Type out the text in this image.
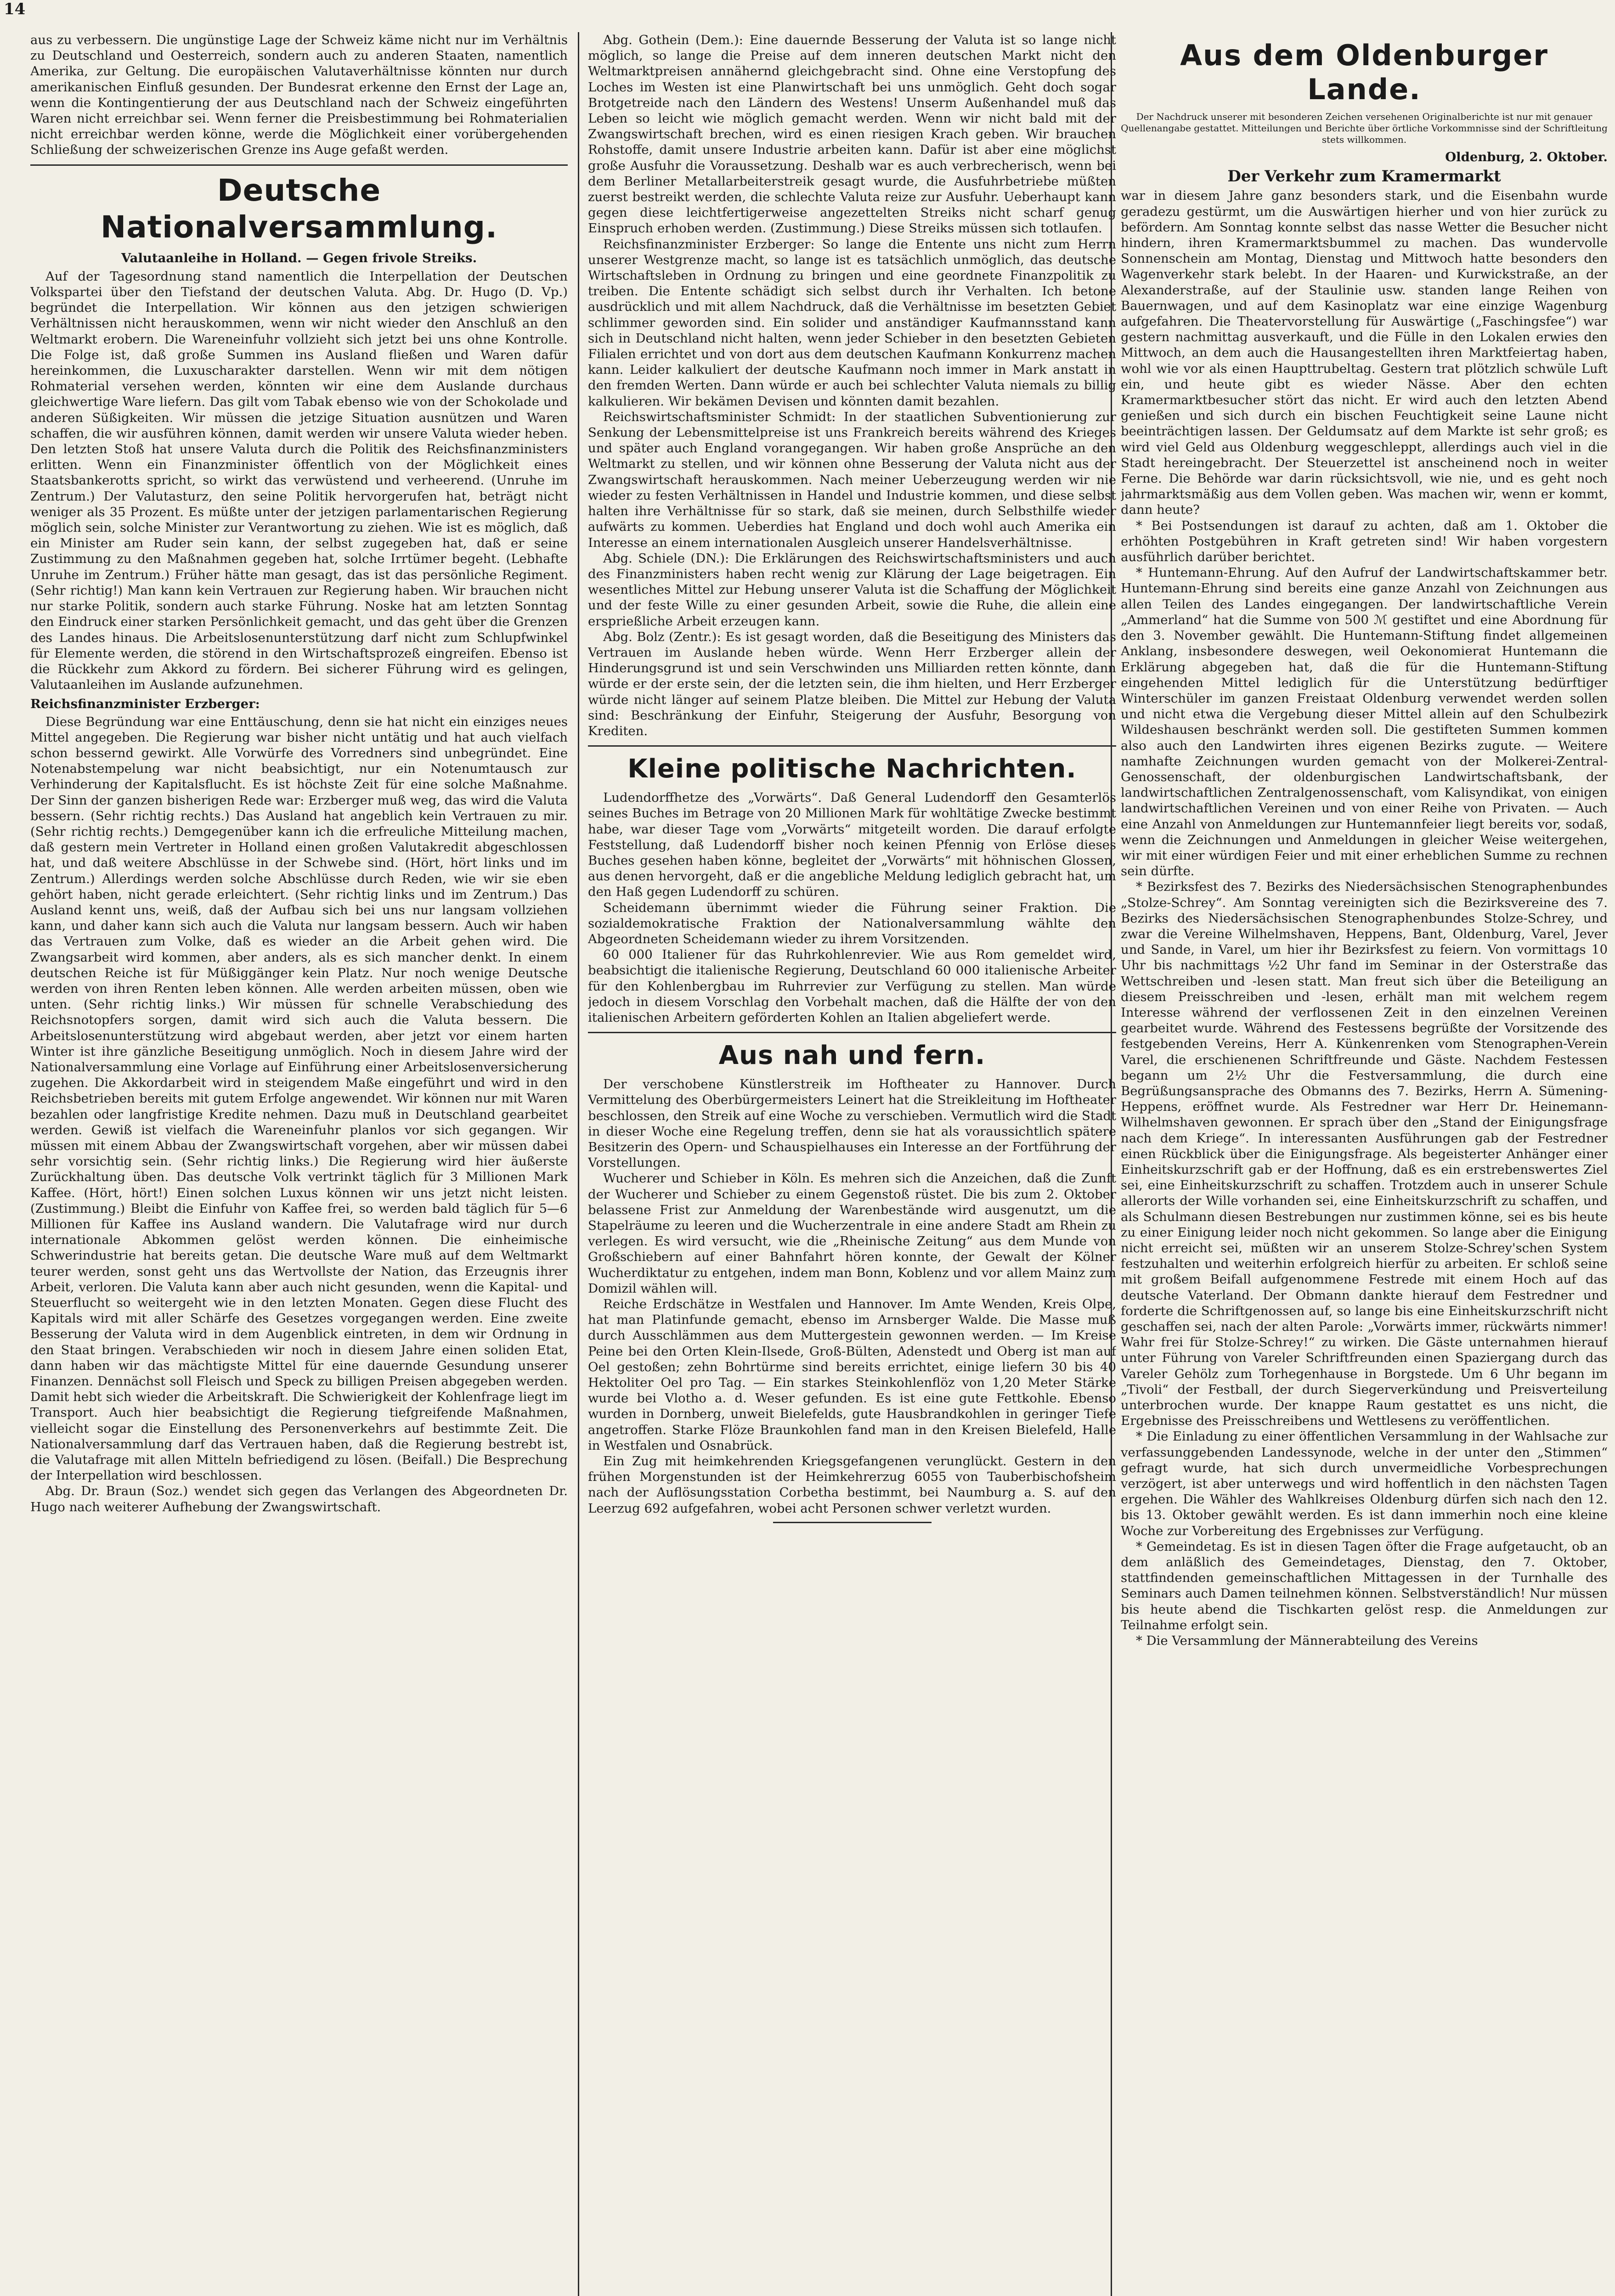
14

aus zu verbessern. Die ungünstige Lage der Schweiz käme nicht nur im Verhältnis zu Deutschland und Oesterreich, sondern auch zu anderen Staaten, namentlich Amerika, zur Geltung. Die europäischen Valutaverhältnisse könnten nur durch amerikanischen Einfluß gesunden. Der Bundesrat erkenne den Ernst der Lage an, wenn die Kontingentierung der aus Deutschland nach der Schweiz eingeführten Waren nicht erreichbar sei. Wenn ferner die Preisbestimmung bei Rohmaterialien nicht erreichbar werden könne, werde die Möglichkeit einer vorübergehenden Schließung der schweizerischen Grenze ins Auge gefaßt werden.

Deutsche Nationalversammlung.
Valutaanleihe in Holland. — Gegen frivole Streiks.

Auf der Tagesordnung stand namentlich die Interpellation der Deutschen Volkspartei über den Tiefstand der deutschen Valuta. Abg. Dr. Hugo (D. Vp.) begründet die Interpellation. Wir können aus den jetzigen schwierigen Verhältnissen nicht herauskommen, wenn wir nicht wieder den Anschluß an den Weltmarkt erobern. Die Wareneinfuhr vollzieht sich jetzt bei uns ohne Kontrolle. Die Folge ist, daß große Summen ins Ausland fließen und Waren dafür hereinkommen, die Luxuscharakter darstellen. Wenn wir mit dem nötigen Rohmaterial versehen werden, könnten wir eine dem Auslande durchaus gleichwertige Ware liefern. Das gilt vom Tabak ebenso wie von der Schokolade und anderen Süßigkeiten. Wir müssen die jetzige Situation ausnützen und Waren schaffen, die wir ausführen können, damit werden wir unsere Valuta wieder heben. Den letzten Stoß hat unsere Valuta durch die Politik des Reichsfinanzministers erlitten. Wenn ein Finanzminister öffentlich von der Möglichkeit eines Staatsbankerotts spricht, so wirkt das verwüstend und verheerend. (Unruhe im Zentrum.) Der Valutasturz, den seine Politik hervorgerufen hat, beträgt nicht weniger als 35 Prozent. Es müßte unter der jetzigen parlamentarischen Regierung möglich sein, solche Minister zur Verantwortung zu ziehen. Wie ist es möglich, daß ein Minister am Ruder sein kann, der selbst zugegeben hat, daß er seine Zustimmung zu den Maßnahmen gegeben hat, solche Irrtümer begeht. (Lebhafte Unruhe im Zentrum.) Früher hätte man gesagt, das ist das persönliche Regiment. (Sehr richtig!) Man kann kein Vertrauen zur Regierung haben. Wir brauchen nicht nur starke Politik, sondern auch starke Führung. Noske hat am letzten Sonntag den Eindruck einer starken Persönlichkeit gemacht, und das geht über die Grenzen des Landes hinaus. Die Arbeitslosenunterstützung darf nicht zum Schlupfwinkel für Elemente werden, die störend in den Wirtschaftsprozeß eingreifen. Ebenso ist die Rückkehr zum Akkord zu fördern. Bei sicherer Führung wird es gelingen, Valutaanleihen im Auslande aufzunehmen.

Reichsfinanzminister Erzberger:

Diese Begründung war eine Enttäuschung, denn sie hat nicht ein einziges neues Mittel angegeben. Die Regierung war bisher nicht untätig und hat auch vielfach schon bessernd gewirkt. Alle Vorwürfe des Vorredners sind unbegründet. Eine Notenabstempelung war nicht beabsichtigt, nur ein Notenumtausch zur Verhinderung der Kapitalsflucht. Es ist höchste Zeit für eine solche Maßnahme. Der Sinn der ganzen bisherigen Rede war: Erzberger muß weg, das wird die Valuta bessern. (Sehr richtig rechts.) Das Ausland hat angeblich kein Vertrauen zu mir. (Sehr richtig rechts.) Demgegenüber kann ich die erfreuliche Mitteilung machen, daß gestern mein Vertreter in Holland einen großen Valutakredit abgeschlossen hat, und daß weitere Abschlüsse in der Schwebe sind. (Hört, hört links und im Zentrum.) Allerdings werden solche Abschlüsse durch Reden, wie wir sie eben gehört haben, nicht gerade erleichtert. (Sehr richtig links und im Zentrum.) Das Ausland kennt uns, weiß, daß der Aufbau sich bei uns nur langsam vollziehen kann, und daher kann sich auch die Valuta nur langsam bessern. Auch wir haben das Vertrauen zum Volke, daß es wieder an die Arbeit gehen wird. Die Zwangsarbeit wird kommen, aber anders, als es sich mancher denkt. In einem deutschen Reiche ist für Müßiggänger kein Platz. Nur noch wenige Deutsche werden von ihren Renten leben können. Alle werden arbeiten müssen, oben wie unten. (Sehr richtig links.) Wir müssen für schnelle Verabschiedung des Reichsnotopfers sorgen, damit wird sich auch die Valuta bessern. Die Arbeitslosenunterstützung wird abgebaut werden, aber jetzt vor einem harten Winter ist ihre gänzliche Beseitigung unmöglich. Noch in diesem Jahre wird der Nationalversammlung eine Vorlage auf Einführung einer Arbeitslosenversicherung zugehen. Die Akkordarbeit wird in steigendem Maße eingeführt und wird in den Reichsbetrieben bereits mit gutem Erfolge angewendet. Wir können nur mit Waren bezahlen oder langfristige Kredite nehmen. Dazu muß in Deutschland gearbeitet werden. Gewiß ist vielfach die Wareneinfuhr planlos vor sich gegangen. Wir müssen mit einem Abbau der Zwangswirtschaft vorgehen, aber wir müssen dabei sehr vorsichtig sein. (Sehr richtig links.) Die Regierung wird hier äußerste Zurückhaltung üben. Das deutsche Volk vertrinkt täglich für 3 Millionen Mark Kaffee. (Hört, hört!) Einen solchen Luxus können wir uns jetzt nicht leisten. (Zustimmung.) Bleibt die Einfuhr von Kaffee frei, so werden bald täglich für 5—6 Millionen für Kaffee ins Ausland wandern. Die Valutafrage wird nur durch internationale Abkommen gelöst werden können. Die einheimische Schwerindustrie hat bereits getan. Die deutsche Ware muß auf dem Weltmarkt teurer werden, sonst geht uns das Wertvollste der Nation, das Erzeugnis ihrer Arbeit, verloren. Die Valuta kann aber auch nicht gesunden, wenn die Kapital- und Steuerflucht so weitergeht wie in den letzten Monaten. Gegen diese Flucht des Kapitals wird mit aller Schärfe des Gesetzes vorgegangen werden. Eine zweite Besserung der Valuta wird in dem Augenblick eintreten, in dem wir Ordnung in den Staat bringen. Verabschieden wir noch in diesem Jahre einen soliden Etat, dann haben wir das mächtigste Mittel für eine dauernde Gesundung unserer Finanzen. Dennächst soll Fleisch und Speck zu billigen Preisen abgegeben werden. Damit hebt sich wieder die Arbeitskraft. Die Schwierigkeit der Kohlenfrage liegt im Transport. Auch hier beabsichtigt die Regierung tiefgreifende Maßnahmen, vielleicht sogar die Einstellung des Personenverkehrs auf bestimmte Zeit. Die Nationalversammlung darf das Vertrauen haben, daß die Regierung bestrebt ist, die Valutafrage mit allen Mitteln befriedigend zu lösen. (Beifall.) Die Besprechung der Interpellation wird beschlossen.

Abg. Dr. Braun (Soz.) wendet sich gegen das Verlangen des Abgeordneten Dr. Hugo nach weiterer Aufhebung der Zwangswirtschaft.

Abg. Gothein (Dem.): Eine dauernde Besserung der Valuta ist so lange nicht möglich, so lange die Preise auf dem inneren deutschen Markt nicht den Weltmarktpreisen annähernd gleichgebracht sind. Ohne eine Verstopfung des Loches im Westen ist eine Planwirtschaft bei uns unmöglich. Geht doch sogar Brotgetreide nach den Ländern des Westens! Unserm Außenhandel muß das Leben so leicht wie möglich gemacht werden. Wenn wir nicht bald mit der Zwangswirtschaft brechen, wird es einen riesigen Krach geben. Wir brauchen Rohstoffe, damit unsere Industrie arbeiten kann. Dafür ist aber eine möglichst große Ausfuhr die Voraussetzung. Deshalb war es auch verbrecherisch, wenn bei dem Berliner Metallarbeiterstreik gesagt wurde, die Ausfuhrbetriebe müßten zuerst bestreikt werden, die schlechte Valuta reize zur Ausfuhr. Ueberhaupt kann gegen diese leichtfertigerweise angezettelten Streiks nicht scharf genug Einspruch erhoben werden. (Zustimmung.) Diese Streiks müssen sich totlaufen.

Reichsfinanzminister Erzberger: So lange die Entente uns nicht zum Herrn unserer Westgrenze macht, so lange ist es tatsächlich unmöglich, das deutsche Wirtschaftsleben in Ordnung zu bringen und eine geordnete Finanzpolitik zu treiben. Die Entente schädigt sich selbst durch ihr Verhalten. Ich betone ausdrücklich und mit allem Nachdruck, daß die Verhältnisse im besetzten Gebiet schlimmer geworden sind. Ein solider und anständiger Kaufmannsstand kann sich in Deutschland nicht halten, wenn jeder Schieber in den besetzten Gebieten Filialen errichtet und von dort aus dem deutschen Kaufmann Konkurrenz machen kann. Leider kalkuliert der deutsche Kaufmann noch immer in Mark anstatt in den fremden Werten. Dann würde er auch bei schlechter Valuta niemals zu billig kalkulieren. Wir bekämen Devisen und könnten damit bezahlen.

Reichswirtschaftsminister Schmidt: In der staatlichen Subventionierung zur Senkung der Lebensmittelpreise ist uns Frankreich bereits während des Krieges und später auch England vorangegangen. Wir haben große Ansprüche an den Weltmarkt zu stellen, und wir können ohne Besserung der Valuta nicht aus der Zwangswirtschaft herauskommen. Nach meiner Ueberzeugung werden wir nie wieder zu festen Verhältnissen in Handel und Industrie kommen, und diese selbst halten ihre Verhältnisse für so stark, daß sie meinen, durch Selbsthilfe wieder aufwärts zu kommen. Ueberdies hat England und doch wohl auch Amerika ein Interesse an einem internationalen Ausgleich unserer Handelsverhältnisse.

Abg. Schiele (DN.): Die Erklärungen des Reichswirtschaftsministers und auch des Finanzministers haben recht wenig zur Klärung der Lage beigetragen. Ein wesentliches Mittel zur Hebung unserer Valuta ist die Schaffung der Möglichkeit und der feste Wille zu einer gesunden Arbeit, sowie die Ruhe, die allein eine ersprießliche Arbeit erzeugen kann.

Abg. Bolz (Zentr.): Es ist gesagt worden, daß die Beseitigung des Ministers das Vertrauen im Auslande heben würde. Wenn Herr Erzberger allein der Hinderungsgrund ist und sein Verschwinden uns Milliarden retten könnte, dann würde er der erste sein, der die letzten sein, die ihm hielten, und Herr Erzberger würde nicht länger auf seinem Platze bleiben. Die Mittel zur Hebung der Valuta sind: Beschränkung der Einfuhr, Steigerung der Ausfuhr, Besorgung von Krediten.

Kleine politische Nachrichten.

Ludendorffhetze des „Vorwärts“. Daß General Ludendorff den Gesamterlös seines Buches im Betrage von 20 Millionen Mark für wohltätige Zwecke bestimmt habe, war dieser Tage vom „Vorwärts“ mitgeteilt worden. Die darauf erfolgte Feststellung, daß Ludendorff bisher noch keinen Pfennig von Erlöse dieses Buches gesehen haben könne, begleitet der „Vorwärts“ mit höhnischen Glossen, aus denen hervorgeht, daß er die angebliche Meldung lediglich gebracht hat, um den Haß gegen Ludendorff zu schüren.

Scheidemann übernimmt wieder die Führung seiner Fraktion. Die sozialdemokratische Fraktion der Nationalversammlung wählte den Abgeordneten Scheidemann wieder zu ihrem Vorsitzenden.

60 000 Italiener für das Ruhrkohlenrevier. Wie aus Rom gemeldet wird, beabsichtigt die italienische Regierung, Deutschland 60 000 italienische Arbeiter für den Kohlenbergbau im Ruhrrevier zur Verfügung zu stellen. Man würde jedoch in diesem Vorschlag den Vorbehalt machen, daß die Hälfte der von den italienischen Arbeitern geförderten Kohlen an Italien abgeliefert werde.

Aus nah und fern.

Der verschobene Künstlerstreik im Hoftheater zu Hannover. Durch Vermittelung des Oberbürgermeisters Leinert hat die Streikleitung im Hoftheater beschlossen, den Streik auf eine Woche zu verschieben. Vermutlich wird die Stadt in dieser Woche eine Regelung treffen, denn sie hat als voraussichtlich spätere Besitzerin des Opern- und Schauspielhauses ein Interesse an der Fortführung der Vorstellungen.

Wucherer und Schieber in Köln. Es mehren sich die Anzeichen, daß die Zunft der Wucherer und Schieber zu einem Gegenstoß rüstet. Die bis zum 2. Oktober belassene Frist zur Anmeldung der Warenbestände wird ausgenutzt, um die Stapelräume zu leeren und die Wucherzentrale in eine andere Stadt am Rhein zu verlegen. Es wird versucht, wie die „Rheinische Zeitung“ aus dem Munde von Großschiebern auf einer Bahnfahrt hören konnte, der Gewalt der Kölner Wucherdiktatur zu entgehen, indem man Bonn, Koblenz und vor allem Mainz zum Domizil wählen will.

Reiche Erdschätze in Westfalen und Hannover. Im Amte Wenden, Kreis Olpe, hat man Platinfunde gemacht, ebenso im Arnsberger Walde. Die Masse muß durch Ausschlämmen aus dem Muttergestein gewonnen werden. — Im Kreise Peine bei den Orten Klein-Ilsede, Groß-Bülten, Adenstedt und Oberg ist man auf Oel gestoßen; zehn Bohrtürme sind bereits errichtet, einige liefern 30 bis 40 Hektoliter Oel pro Tag. — Ein starkes Steinkohlenflöz von 1,20 Meter Stärke wurde bei Vlotho a. d. Weser gefunden. Es ist eine gute Fettkohle. Ebenso wurden in Dornberg, unweit Bielefelds, gute Hausbrandkohlen in geringer Tiefe angetroffen. Starke Flöze Braunkohlen fand man in den Kreisen Bielefeld, Halle in Westfalen und Osnabrück.

Ein Zug mit heimkehrenden Kriegsgefangenen verunglückt. Gestern in den frühen Morgenstunden ist der Heimkehrerzug 6055 von Tauberbischofsheim nach der Auflösungsstation Corbetha bestimmt, bei Naumburg a. S. auf den Leerzug 692 aufgefahren, wobei acht Personen schwer verletzt wurden.

Aus dem Oldenburger Lande.
Der Nachdruck unserer mit besonderen Zeichen versehenen Originalberichte ist nur mit genauer Quellenangabe gestattet. Mitteilungen und Berichte über örtliche Vorkommnisse sind der Schriftleitung stets willkommen.
Oldenburg, 2. Oktober.
Der Verkehr zum Kramermarkt

war in diesem Jahre ganz besonders stark, und die Eisenbahn wurde geradezu gestürmt, um die Auswärtigen hierher und von hier zurück zu befördern. Am Sonntag konnte selbst das nasse Wetter die Besucher nicht hindern, ihren Kramermarktsbummel zu machen. Das wundervolle Sonnenschein am Montag, Dienstag und Mittwoch hatte besonders den Wagenverkehr stark belebt. In der Haaren- und Kurwickstraße, an der Alexanderstraße, auf der Staulinie usw. standen lange Reihen von Bauernwagen, und auf dem Kasinoplatz war eine einzige Wagenburg aufgefahren. Die Theatervorstellung für Auswärtige („Faschingsfee“) war gestern nachmittag ausverkauft, und die Fülle in den Lokalen erwies den Mittwoch, an dem auch die Hausangestellten ihren Marktfeiertag haben, wohl wie vor als einen Haupttrubeltag. Gestern trat plötzlich schwüle Luft ein, und heute gibt es wieder Nässe. Aber den echten Kramermarktbesucher stört das nicht. Er wird auch den letzten Abend genießen und sich durch ein bischen Feuchtigkeit seine Laune nicht beeinträchtigen lassen. Der Geldumsatz auf dem Markte ist sehr groß; es wird viel Geld aus Oldenburg weggeschleppt, allerdings auch viel in die Stadt hereingebracht. Der Steuerzettel ist anscheinend noch in weiter Ferne. Die Behörde war darin rücksichtsvoll, wie nie, und es geht noch jahrmarktsmäßig aus dem Vollen geben. Was machen wir, wenn er kommt, dann heute?

* Bei Postsendungen ist darauf zu achten, daß am 1. Oktober die erhöhten Postgebühren in Kraft getreten sind! Wir haben vorgestern ausführlich darüber berichtet.

* Huntemann-Ehrung. Auf den Aufruf der Landwirtschaftskammer betr. Huntemann-Ehrung sind bereits eine ganze Anzahl von Zeichnungen aus allen Teilen des Landes eingegangen. Der landwirtschaftliche Verein „Ammerland“ hat die Summe von 500 ℳ gestiftet und eine Abordnung für den 3. November gewählt. Die Huntemann-Stiftung findet allgemeinen Anklang, insbesondere deswegen, weil Oekonomierat Huntemann die Erklärung abgegeben hat, daß die für die Huntemann-Stiftung eingehenden Mittel lediglich für die Unterstützung bedürftiger Winterschüler im ganzen Freistaat Oldenburg verwendet werden sollen und nicht etwa die Vergebung dieser Mittel allein auf den Schulbezirk Wildeshausen beschränkt werden soll. Die gestifteten Summen kommen also auch den Landwirten ihres eigenen Bezirks zugute. — Weitere namhafte Zeichnungen wurden gemacht von der Molkerei-Zentral-Genossenschaft, der oldenburgischen Landwirtschaftsbank, der landwirtschaftlichen Zentralgenossenschaft, vom Kalisyndikat, von einigen landwirtschaftlichen Vereinen und von einer Reihe von Privaten. — Auch eine Anzahl von Anmeldungen zur Huntemannfeier liegt bereits vor, sodaß, wenn die Zeichnungen und Anmeldungen in gleicher Weise weitergehen, wir mit einer würdigen Feier und mit einer erheblichen Summe zu rechnen sein dürfte.

* Bezirksfest des 7. Bezirks des Niedersächsischen Stenographenbundes „Stolze-Schrey“. Am Sonntag vereinigten sich die Bezirksvereine des 7. Bezirks des Niedersächsischen Stenographenbundes Stolze-Schrey, und zwar die Vereine Wilhelmshaven, Heppens, Bant, Oldenburg, Varel, Jever und Sande, in Varel, um hier ihr Bezirksfest zu feiern. Von vormittags 10 Uhr bis nachmittags ½2 Uhr fand im Seminar in der Osterstraße das Wettschreiben und -lesen statt. Man freut sich über die Beteiligung an diesem Preisschreiben und -lesen, erhält man mit welchem regem Interesse während der verflossenen Zeit in den einzelnen Vereinen gearbeitet wurde. Während des Festessens begrüßte der Vorsitzende des festgebenden Vereins, Herr A. Künkenrenken vom Stenographen-Verein Varel, die erschienenen Schriftfreunde und Gäste. Nachdem Festessen begann um 2½ Uhr die Festversammlung, die durch eine Begrüßungsansprache des Obmanns des 7. Bezirks, Herrn A. Sümening-Heppens, eröffnet wurde. Als Festredner war Herr Dr. Heinemann-Wilhelmshaven gewonnen. Er sprach über den „Stand der Einigungsfrage nach dem Kriege“. In interessanten Ausführungen gab der Festredner einen Rückblick über die Einigungsfrage. Als begeisterter Anhänger einer Einheitskurzschrift gab er der Hoffnung, daß es ein erstrebenswertes Ziel sei, eine Einheitskurzschrift zu schaffen. Trotzdem auch in unserer Schule allerorts der Wille vorhanden sei, eine Einheitskurzschrift zu schaffen, und als Schulmann diesen Bestrebungen nur zustimmen könne, sei es bis heute zu einer Einigung leider noch nicht gekommen. So lange aber die Einigung nicht erreicht sei, müßten wir an unserem Stolze-Schrey'schen System festzuhalten und weiterhin erfolgreich hierfür zu arbeiten. Er schloß seine mit großem Beifall aufgenommene Festrede mit einem Hoch auf das deutsche Vaterland. Der Obmann dankte hierauf dem Festredner und forderte die Schriftgenossen auf, so lange bis eine Einheitskurzschrift nicht geschaffen sei, nach der alten Parole: „Vorwärts immer, rückwärts nimmer! Wahr frei für Stolze-Schrey!“ zu wirken. Die Gäste unternahmen hierauf unter Führung von Vareler Schriftfreunden einen Spaziergang durch das Vareler Gehölz zum Torhegenhause in Borgstede. Um 6 Uhr begann im „Tivoli“ der Festball, der durch Siegerverkündung und Preisverteilung unterbrochen wurde. Der knappe Raum gestattet es uns nicht, die Ergebnisse des Preisschreibens und Wettlesens zu veröffentlichen.

* Die Einladung zu einer öffentlichen Versammlung in der Wahlsache zur verfassunggebenden Landessynode, welche in der unter den „Stimmen“ gefragt wurde, hat sich durch unvermeidliche Vorbesprechungen verzögert, ist aber unterwegs und wird hoffentlich in den nächsten Tagen ergehen. Die Wähler des Wahlkreises Oldenburg dürfen sich nach den 12. bis 13. Oktober gewählt werden. Es ist dann immerhin noch eine kleine Woche zur Vorbereitung des Ergebnisses zur Verfügung.

* Gemeindetag. Es ist in diesen Tagen öfter die Frage aufgetaucht, ob an dem anläßlich des Gemeindetages, Dienstag, den 7. Oktober, stattfindenden gemeinschaftlichen Mittagessen in der Turnhalle des Seminars auch Damen teilnehmen können. Selbstverständlich! Nur müssen bis heute abend die Tischkarten gelöst resp. die Anmeldungen zur Teilnahme erfolgt sein.

* Die Versammlung der Männerabteilung des Vereins
